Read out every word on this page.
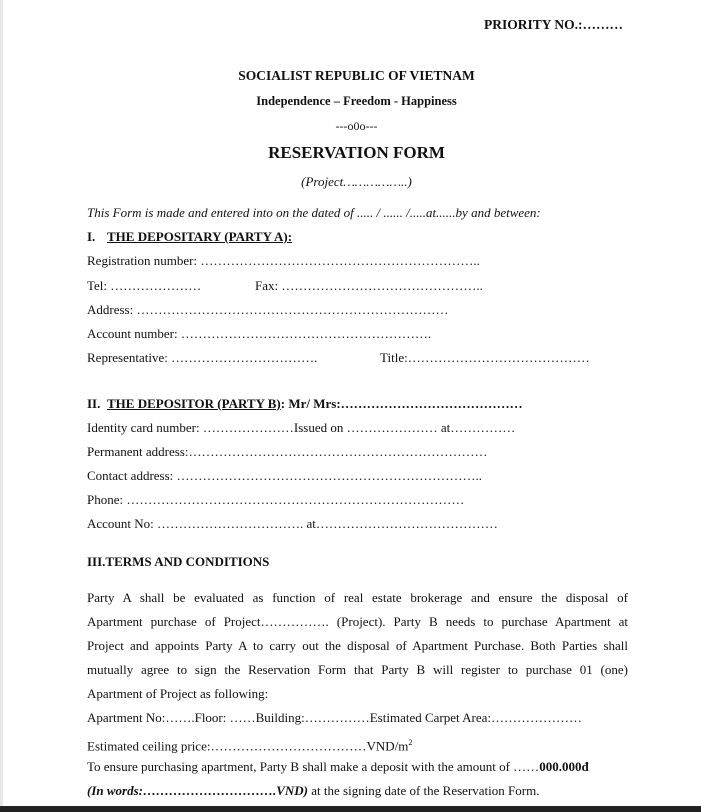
PRIORITY NO.:………
SOCIALIST REPUBLIC OF VIETNAM
Independence – Freedom - Happiness
---o0o---
RESERVATION FORM
(Project……………..)
This Form is made and entered into on the dated of ..... / ...... /.....at......by and between:
I. THE DEPOSITARY (PARTY A):
Registration number: ………………………………………………………..
Tel: …………………	Fax: ………………………………………..
Address: ………………………………………………………………
Account number: ………………………………………………….
Representative: …………………………….	Title:……………………………………
II. THE DEPOSITOR (PARTY B): Mr/ Mrs:……………………………………
Identity card number: …………………Issued on ………………… at……………
Permanent address:……………………………………………………………
Contact address: ……………………………………………………………..
Phone: ……………………………………………………………………
Account No: ……………………………. at……………………………………
III.TERMS AND CONDITIONS
Party A shall be evaluated as function of real estate brokerage and ensure the disposal of
Apartment purchase of Project……………. (Project). Party B needs to purchase Apartment at
Project and appoints Party A to carry out the disposal of Apartment Purchase. Both Parties shall
mutually agree to sign the Reservation Form that Party B will register to purchase 01 (one)
Apartment of Project as following:
Apartment No:…….Floor: ……Building:……………Estimated Carpet Area:…………………
Estimated ceiling $price:\dots\dots\dots\dots\dots\dots\dots\dots\dots\dots\dots\dots VND/m^2$
To ensure purchasing apartment, Party B shall make a deposit with the amount of ……000.000đ
(In words:………………………….VND) at the signing date of the Reservation Form.
